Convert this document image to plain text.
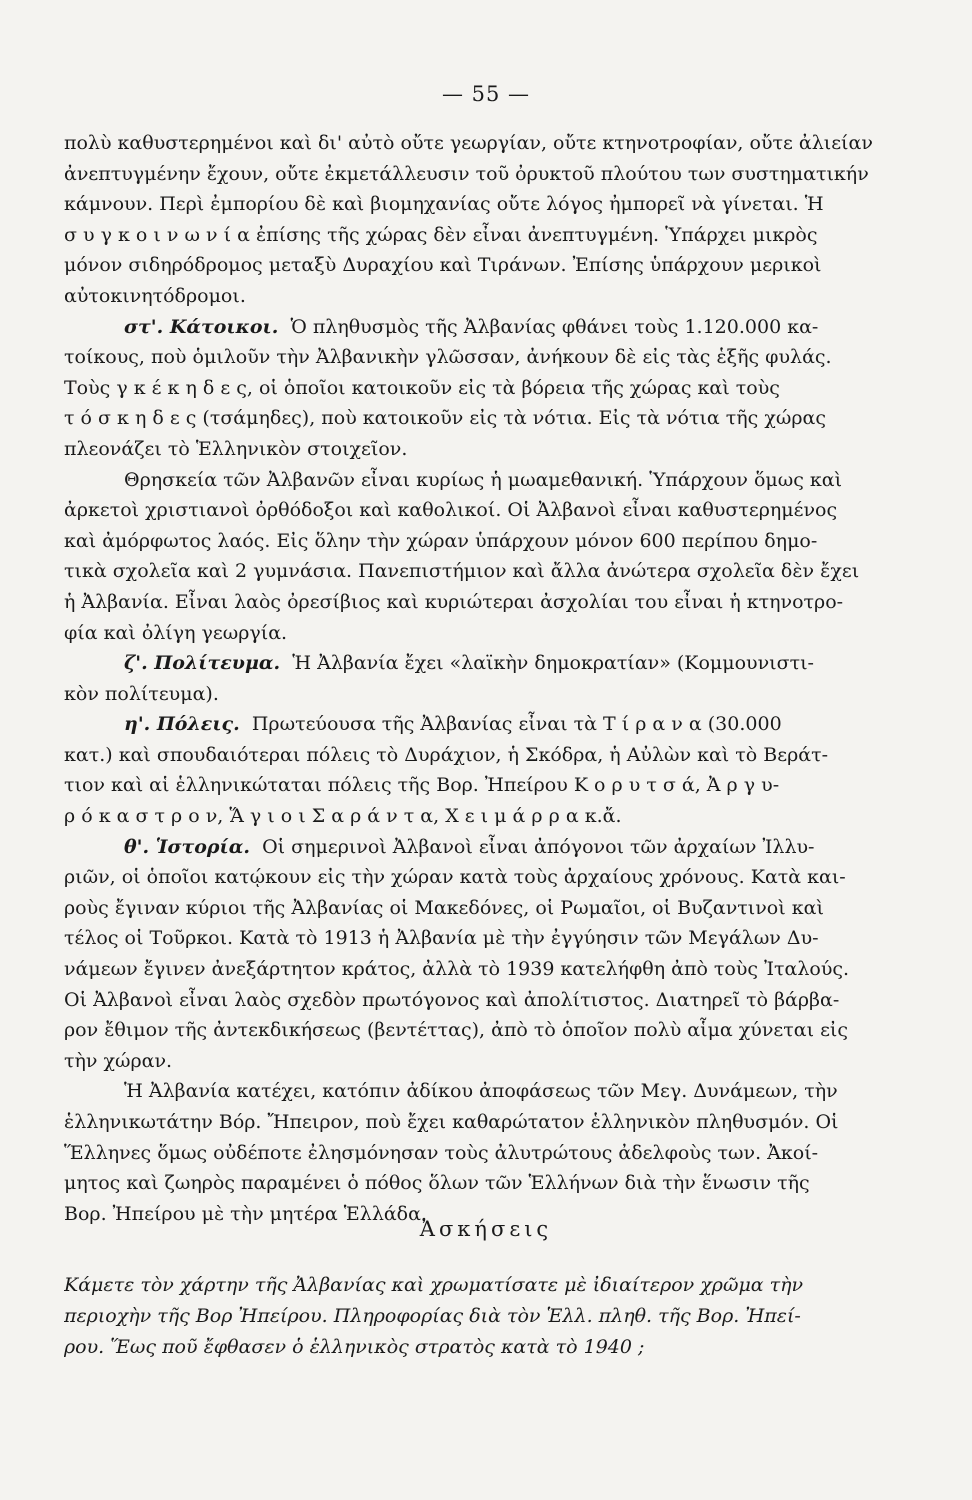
— 55 —

πολὺ καθυστερημένοι καὶ δι' αὐτὸ οὔτε γεωργίαν, οὔτε κτηνοτροφίαν, οὔτε ἀλιείαν
ἀνεπτυγμένην ἔχουν, οὔτε ἐκμετάλλευσιν τοῦ ὀρυκτοῦ πλούτου των συστηματικήν
κάμνουν. Περὶ ἐμπορίου δὲ καὶ βιομηχανίας οὔτε λόγος ἠμπορεῖ νὰ γίνεται. Ἡ
σ υ γ κ ο ι ν ω ν ί α ἐπίσης τῆς χώρας δὲν εἶναι ἀνεπτυγμένη. Ὑπάρχει μικρὸς
μόνον σιδηρόδρομος μεταξὺ Δυραχίου καὶ Τιράνων. Ἐπίσης ὑπάρχουν μερικοὶ
αὐτοκινητόδρομοι.

στ'. Κάτοικοι. Ὁ πληθυσμὸς τῆς Ἀλβανίας φθάνει τοὺς 1.120.000 κα-
τοίκους, ποὺ ὁμιλοῦν τὴν Ἀλβανικὴν γλῶσσαν, ἀνήκουν δὲ εἰς τὰς ἑξῆς φυλάς.
Τοὺς γ κ έ κ η δ ε ς, οἱ ὁποῖοι κατοικοῦν εἰς τὰ βόρεια τῆς χώρας καὶ τοὺς
τ ό σ κ η δ ε ς (τσάμηδες), ποὺ κατοικοῦν εἰς τὰ νότια. Εἰς τὰ νότια τῆς χώρας
πλεονάζει τὸ Ἑλληνικὸν στοιχεῖον.

Θρησκεία τῶν Ἀλβανῶν εἶναι κυρίως ἡ μωαμεθανική. Ὑπάρχουν ὅμως καὶ
ἀρκετοὶ χριστιανοὶ ὀρθόδοξοι καὶ καθολικοί. Οἱ Ἀλβανοὶ εἶναι καθυστερημένος
καὶ ἀμόρφωτος λαός. Εἰς ὅλην τὴν χώραν ὑπάρχουν μόνον 600 περίπου δημο-
τικὰ σχολεῖα καὶ 2 γυμνάσια. Πανεπιστήμιον καὶ ἄλλα ἀνώτερα σχολεῖα δὲν ἔχει
ἡ Ἀλβανία. Εἶναι λαὸς ὀρεσίβιος καὶ κυριώτεραι ἀσχολίαι του εἶναι ἡ κτηνοτρο-
φία καὶ ὀλίγη γεωργία.

ζ'. Πολίτευμα. Ἡ Ἀλβανία ἔχει «λαϊκὴν δημοκρατίαν» (Κομμουνιστι-
κὸν πολίτευμα).

η'. Πόλεις. Πρωτεύουσα τῆς Ἀλβανίας εἶναι τὰ Τ ί ρ α ν α (30.000
κατ.) καὶ σπουδαιότεραι πόλεις τὸ Δυράχιον, ἡ Σκόδρα, ἡ Αὐλὼν καὶ τὸ Βεράτ-
τιον καὶ αἱ ἑλληνικώταται πόλεις τῆς Βορ. Ἠπείρου Κ ο ρ υ τ σ ά, Ἀ ρ γ υ-
ρ ό κ α σ τ ρ ο ν, Ἅ γ ι ο ι Σ α ρ ά ν τ α, Χ ε ι μ ά ρ ρ α κ.ἄ.

θ'. Ἱστορία. Οἱ σημερινοὶ Ἀλβανοὶ εἶναι ἀπόγονοι τῶν ἀρχαίων Ἰλλυ-
ριῶν, οἱ ὁποῖοι κατῴκουν εἰς τὴν χώραν κατὰ τοὺς ἀρχαίους χρόνους. Κατὰ και-
ροὺς ἔγιναν κύριοι τῆς Ἀλβανίας οἱ Μακεδόνες, οἱ Ρωμαῖοι, οἱ Βυζαντινοὶ καὶ
τέλος οἱ Τοῦρκοι. Κατὰ τὸ 1913 ἡ Ἀλβανία μὲ τὴν ἐγγύησιν τῶν Μεγάλων Δυ-
νάμεων ἔγινεν ἀνεξάρτητον κράτος, ἀλλὰ τὸ 1939 κατελήφθη ἀπὸ τοὺς Ἰταλούς.
Οἱ Ἀλβανοὶ εἶναι λαὸς σχεδὸν πρωτόγονος καὶ ἀπολίτιστος. Διατηρεῖ τὸ βάρβα-
ρον ἔθιμον τῆς ἀντεκδικήσεως (βεντέττας), ἀπὸ τὸ ὁποῖον πολὺ αἷμα χύνεται εἰς
τὴν χώραν.

Ἡ Ἀλβανία κατέχει, κατόπιν ἀδίκου ἀποφάσεως τῶν Μεγ. Δυνάμεων, τὴν
ἑλληνικωτάτην Βόρ. Ἤπειρον, ποὺ ἔχει καθαρώτατον ἑλληνικὸν πληθυσμόν. Οἱ
Ἕλληνες ὅμως οὐδέποτε ἐλησμόνησαν τοὺς ἀλυτρώτους ἀδελφοὺς των. Ἀκοί-
μητος καὶ ζωηρὸς παραμένει ὁ πόθος ὅλων τῶν Ἑλλήνων διὰ τὴν ἕνωσιν τῆς
Βορ. Ἠπείρου μὲ τὴν μητέρα Ἑλλάδα.

Ἀσκήσεις
Κάμετε τὸν χάρτην τῆς Ἀλβανίας καὶ χρωματίσατε μὲ ἰδιαίτερον χρῶμα τὴν
περιοχὴν τῆς Βορ Ἠπείρου. Πληροφορίας διὰ τὸν Ἑλλ. πληθ. τῆς Βορ. Ἠπεί-
ρου. Ἕως ποῦ ἔφθασεν ὁ ἑλληνικὸς στρατὸς κατὰ τὸ 1940 ;
